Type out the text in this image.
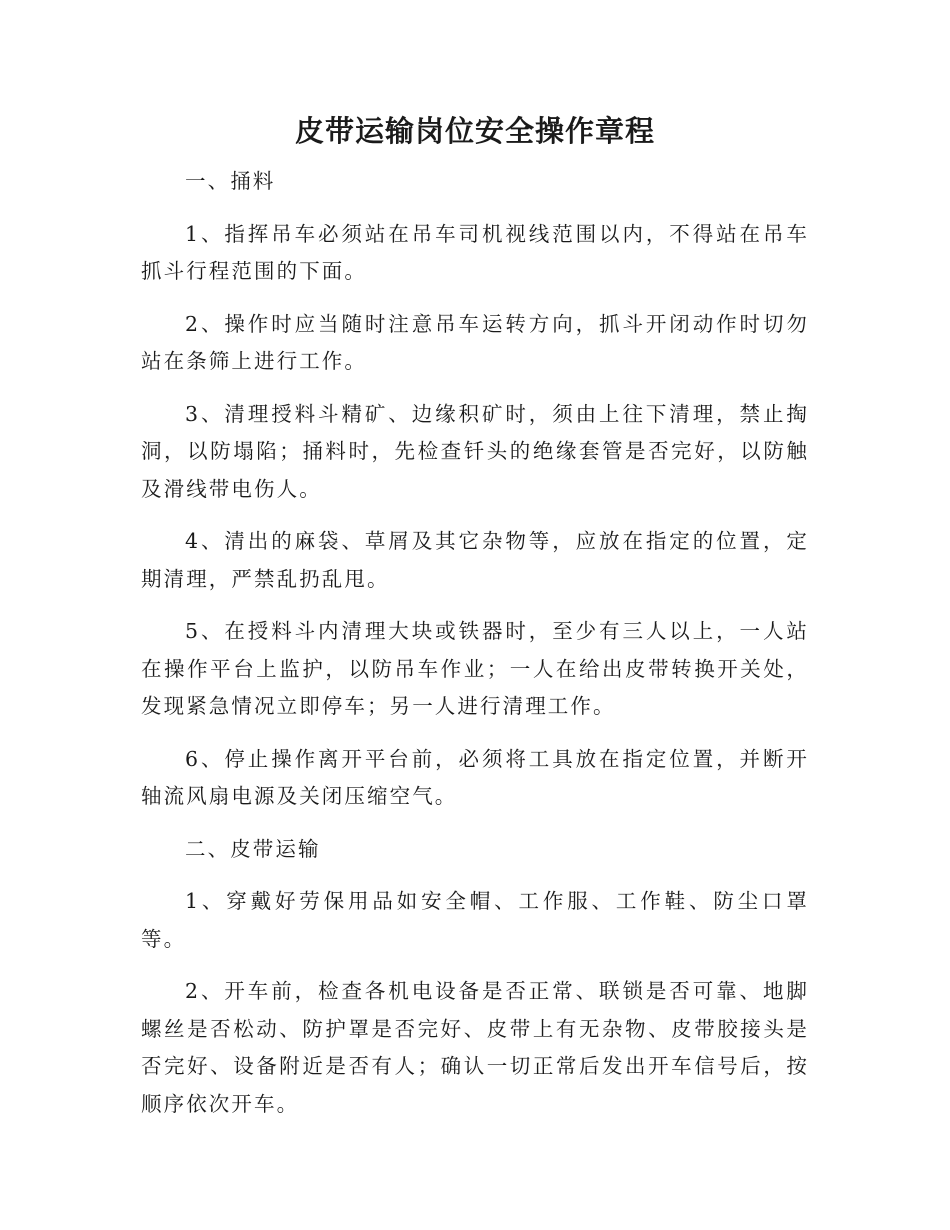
皮带运输岗位安全操作章程

一、捅料

1、指挥吊车必须站在吊车司机视线范围以内，不得站在吊车抓斗行程范围的下面。

2、操作时应当随时注意吊车运转方向，抓斗开闭动作时切勿站在条筛上进行工作。

3、清理授料斗精矿、边缘积矿时，须由上往下清理，禁止掏洞，以防塌陷；捅料时，先检查钎头的绝缘套管是否完好，以防触及滑线带电伤人。

4、清出的麻袋、草屑及其它杂物等，应放在指定的位置，定期清理，严禁乱扔乱甩。

5、在授料斗内清理大块或铁器时，至少有三人以上，一人站在操作平台上监护，以防吊车作业；一人在给出皮带转换开关处，发现紧急情况立即停车；另一人进行清理工作。

6、停止操作离开平台前，必须将工具放在指定位置，并断开轴流风扇电源及关闭压缩空气。

二、皮带运输

1、穿戴好劳保用品如安全帽、工作服、工作鞋、防尘口罩等。

2、开车前，检查各机电设备是否正常、联锁是否可靠、地脚螺丝是否松动、防护罩是否完好、皮带上有无杂物、皮带胶接头是否完好、设备附近是否有人；确认一切正常后发出开车信号后，按顺序依次开车。
